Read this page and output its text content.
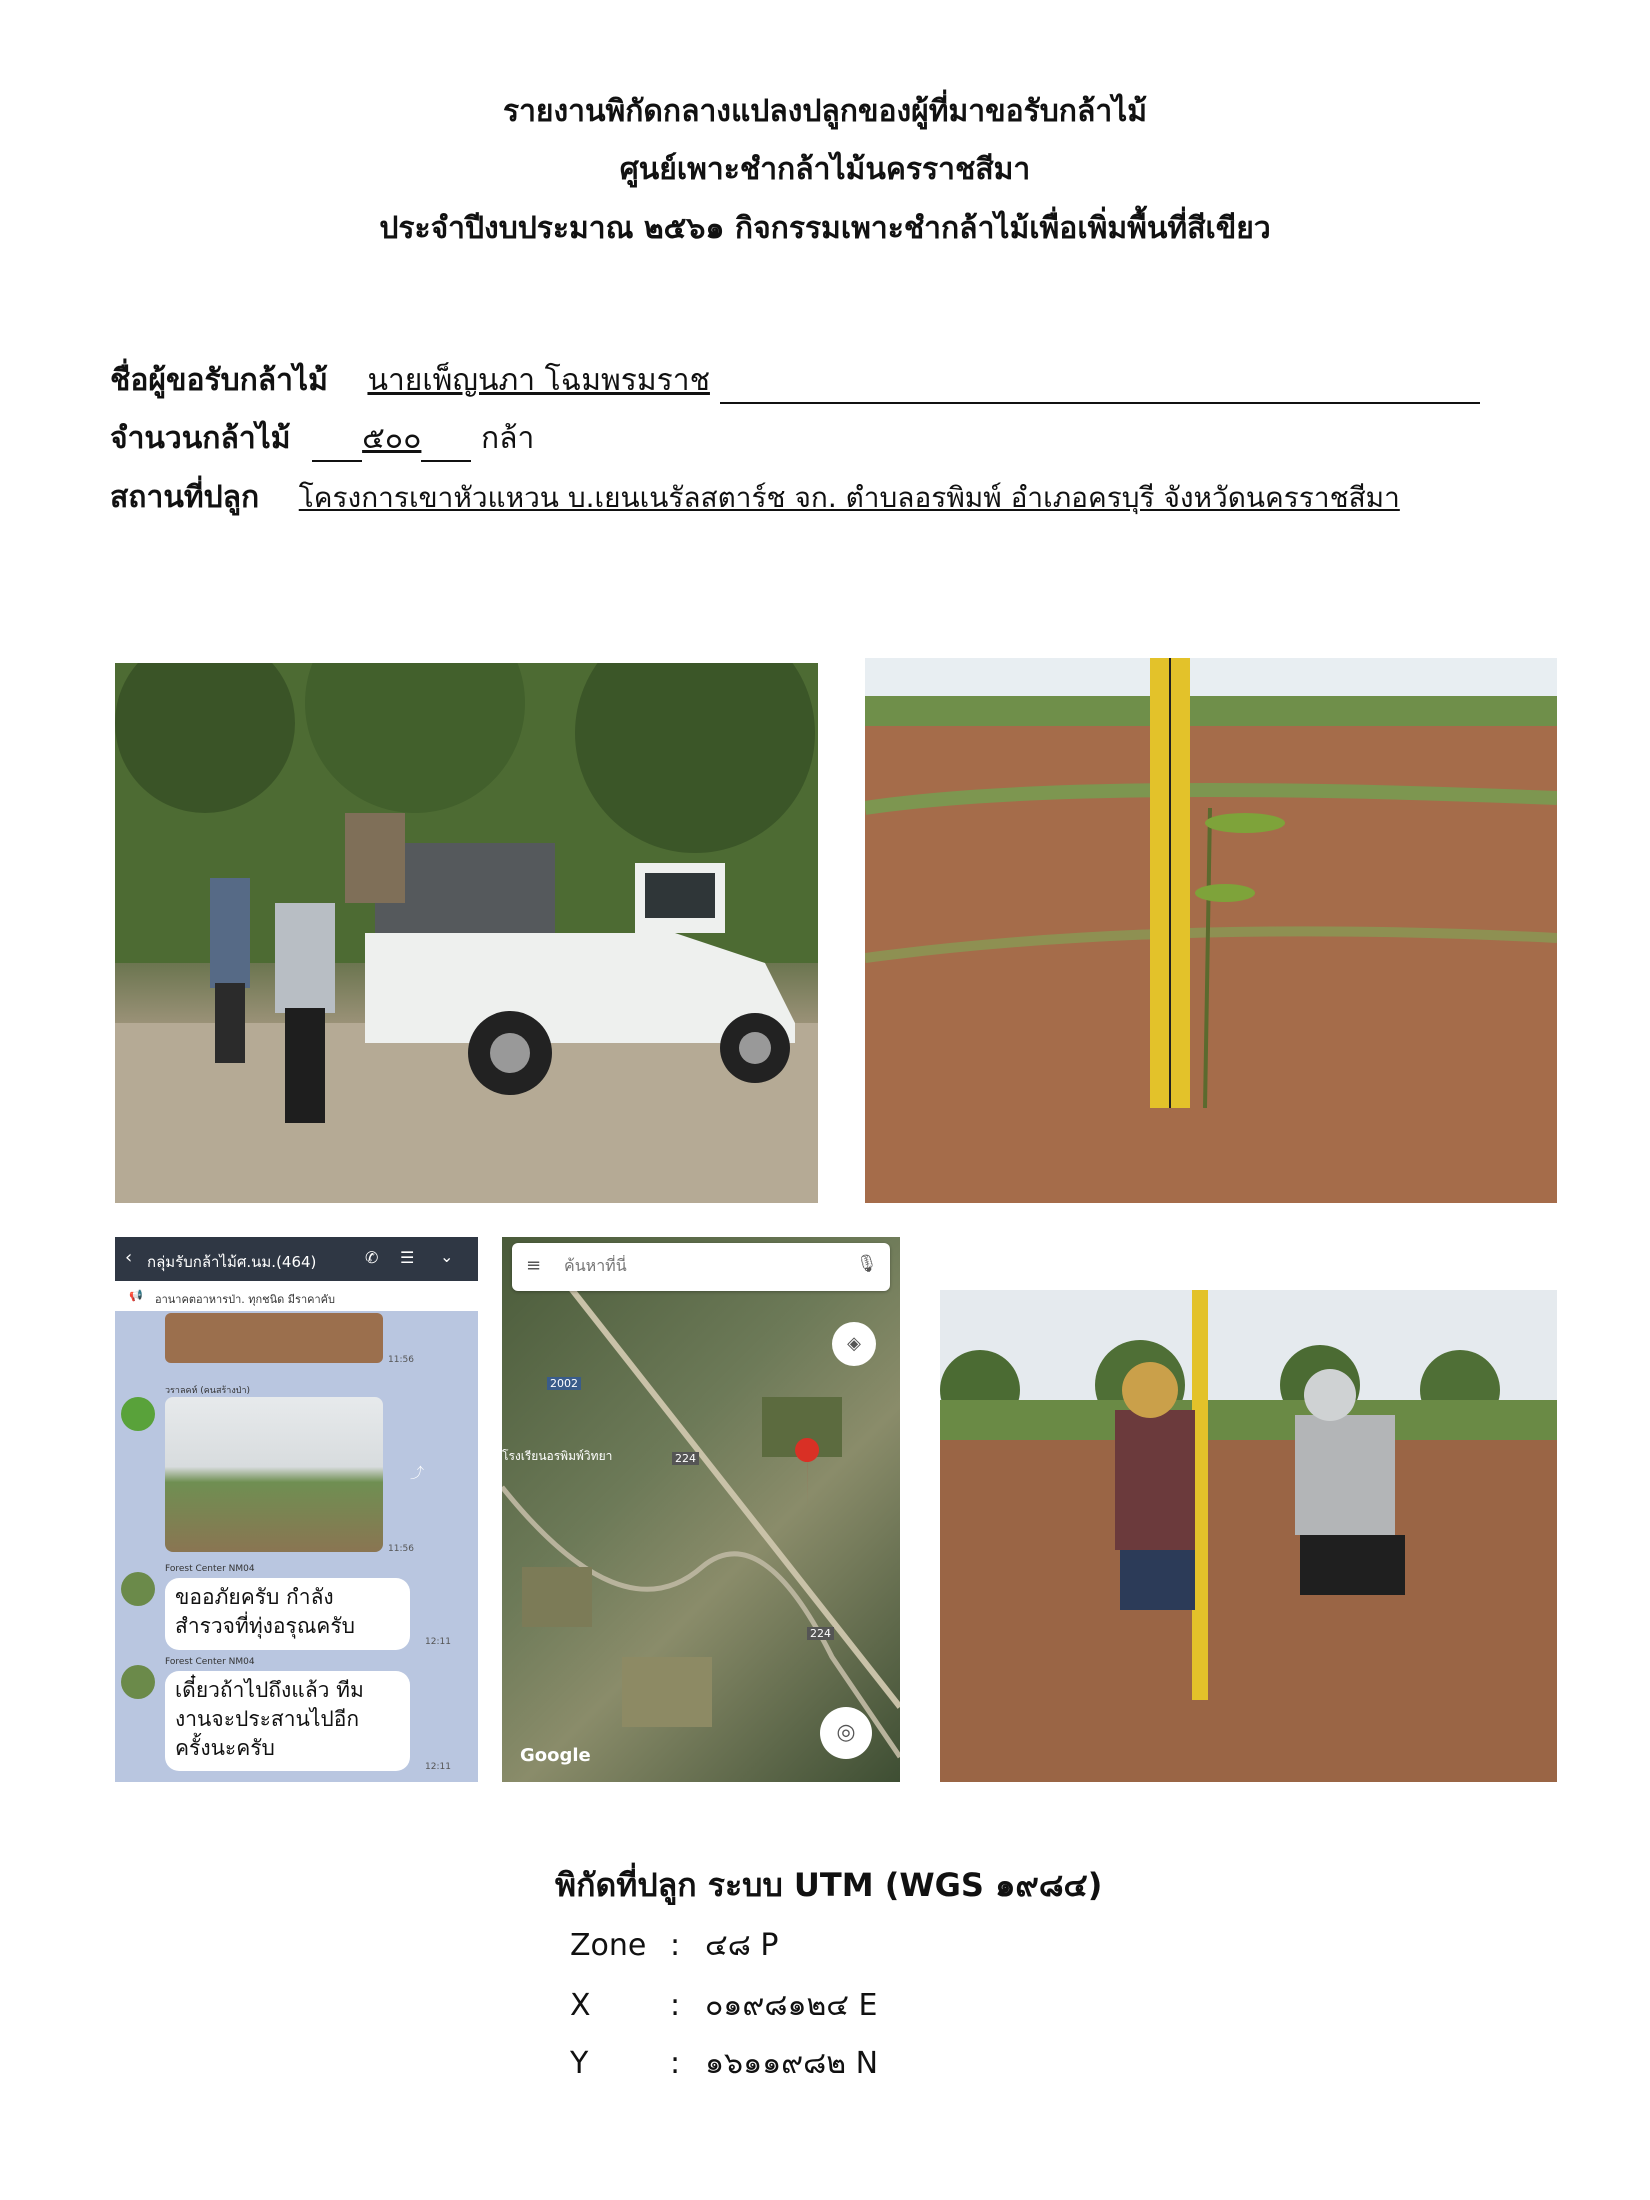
รายงานพิกัดกลางแปลงปลูกของผู้ที่มาขอรับกล้าไม้
ศูนย์เพาะชำกล้าไม้นครราชสีมา
ประจำปีงบประมาณ ๒๕๖๑ กิจกรรมเพาะชำกล้าไม้เพื่อเพิ่มพื้นที่สีเขียว
ชื่อผู้ขอรับกล้าไม้ นายเพ็ญนภา โฉมพรมราช
จำนวนกล้าไม้ ๕๐๐ กล้า
สถานที่ปลูก โครงการเขาหัวแหวน บ.เยนเนรัลสตาร์ช จก. ตำบลอรพิมพ์ อำเภอครบุรี จังหวัดนครราชสีมา
‹ กลุ่มรับกล้าไม้ศ.นม.(464)	✆ ☰ ⌄
📢 อานาคตอาหารป่า. ทุกชนิด มีราคาคับ
11:56
วราลคห์ (คนสร้างป่า)
11:56
⤴
Forest Center NM04
ขออภัยครับ กำลัง สำรวจที่ทุ่งอรุณครับ
12:11
Forest Center NM04
เดี๋ยวถ้าไปถึงแล้ว ทีม งานจะประสานไปอีก ครั้งนะครับ
12:11
≡
ค้นหาที่นี่	🎙
◈
2002
โรงเรียนอรพิมพ์วิทยา	224
224
◎
Google
พิกัดที่ปลูก ระบบ UTM (WGS ๑๙๘๔)
Zone : ๔๘ P
X	: ๐๑๙๘๑๒๔ E
Y	: ๑๖๑๑๙๘๒ N
